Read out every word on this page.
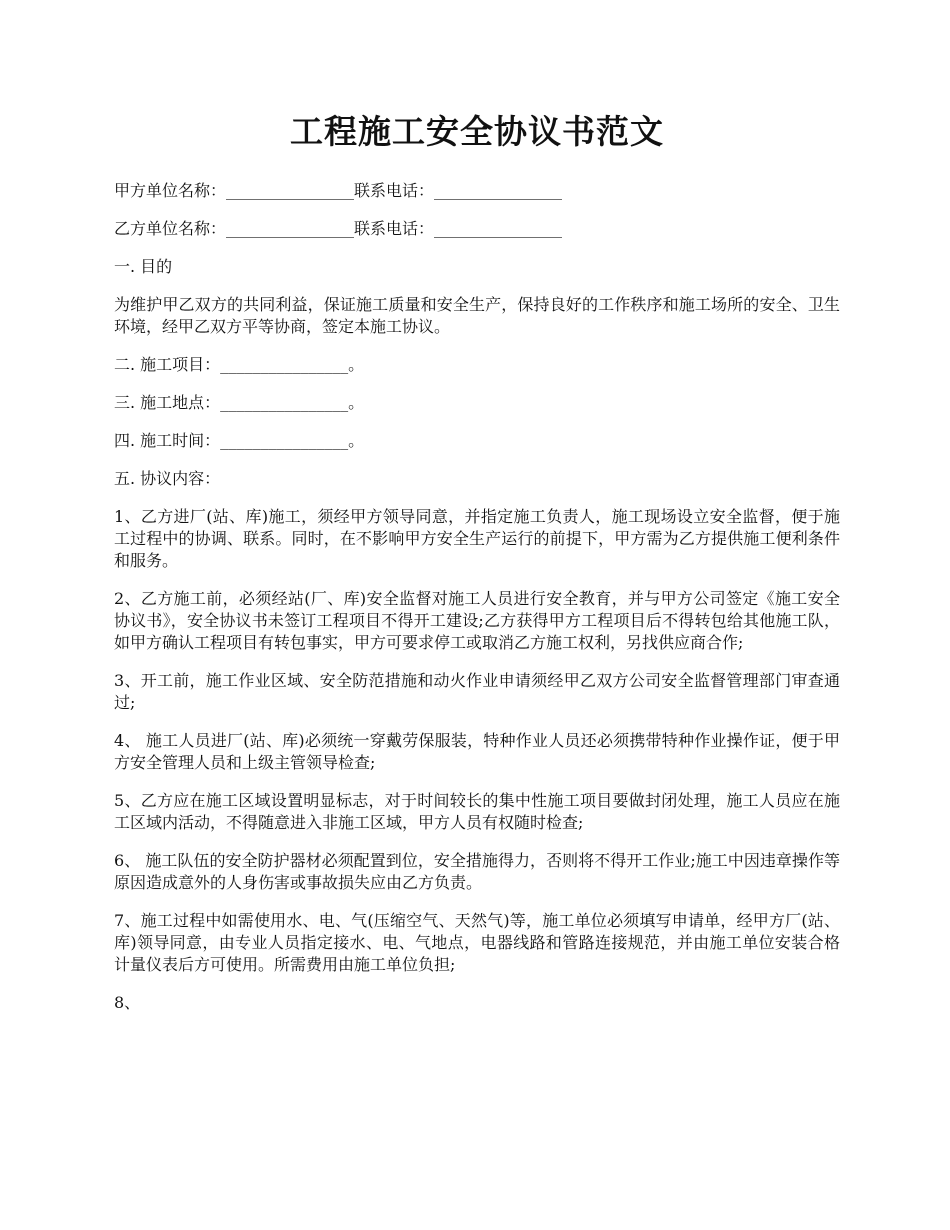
工程施工安全协议书范文

甲方单位名称：________________联系电话：________________

乙方单位名称：________________联系电话：________________

一. 目的

为维护甲乙双方的共同利益，保证施工质量和安全生产，保持良好的工作秩序和施工场所的安全、卫生环境，经甲乙双方平等协商，签定本施工协议。

二. 施工项目：________________。

三. 施工地点：________________。

四. 施工时间：________________。

五. 协议内容：

1、乙方进厂(站、库)施工，须经甲方领导同意，并指定施工负责人，施工现场设立安全监督，便于施工过程中的协调、联系。同时，在不影响甲方安全生产运行的前提下，甲方需为乙方提供施工便利条件和服务。

2、乙方施工前，必须经站(厂、库)安全监督对施工人员进行安全教育，并与甲方公司签定《施工安全协议书》，安全协议书未签订工程项目不得开工建设;乙方获得甲方工程项目后不得转包给其他施工队，如甲方确认工程项目有转包事实，甲方可要求停工或取消乙方施工权利，另找供应商合作;

3、开工前，施工作业区域、安全防范措施和动火作业申请须经甲乙双方公司安全监督管理部门审查通过;

4、 施工人员进厂(站、库)必须统一穿戴劳保服装，特种作业人员还必须携带特种作业操作证，便于甲方安全管理人员和上级主管领导检查;

5、乙方应在施工区域设置明显标志，对于时间较长的集中性施工项目要做封闭处理，施工人员应在施工区域内活动，不得随意进入非施工区域，甲方人员有权随时检查;

6、 施工队伍的安全防护器材必须配置到位，安全措施得力，否则将不得开工作业;施工中因违章操作等原因造成意外的人身伤害或事故损失应由乙方负责。

7、施工过程中如需使用水、电、气(压缩空气、天然气)等，施工单位必须填写申请单，经甲方厂(站、库)领导同意，由专业人员指定接水、电、气地点，电器线路和管路连接规范，并由施工单位安装合格计量仪表后方可使用。所需费用由施工单位负担;

8、
